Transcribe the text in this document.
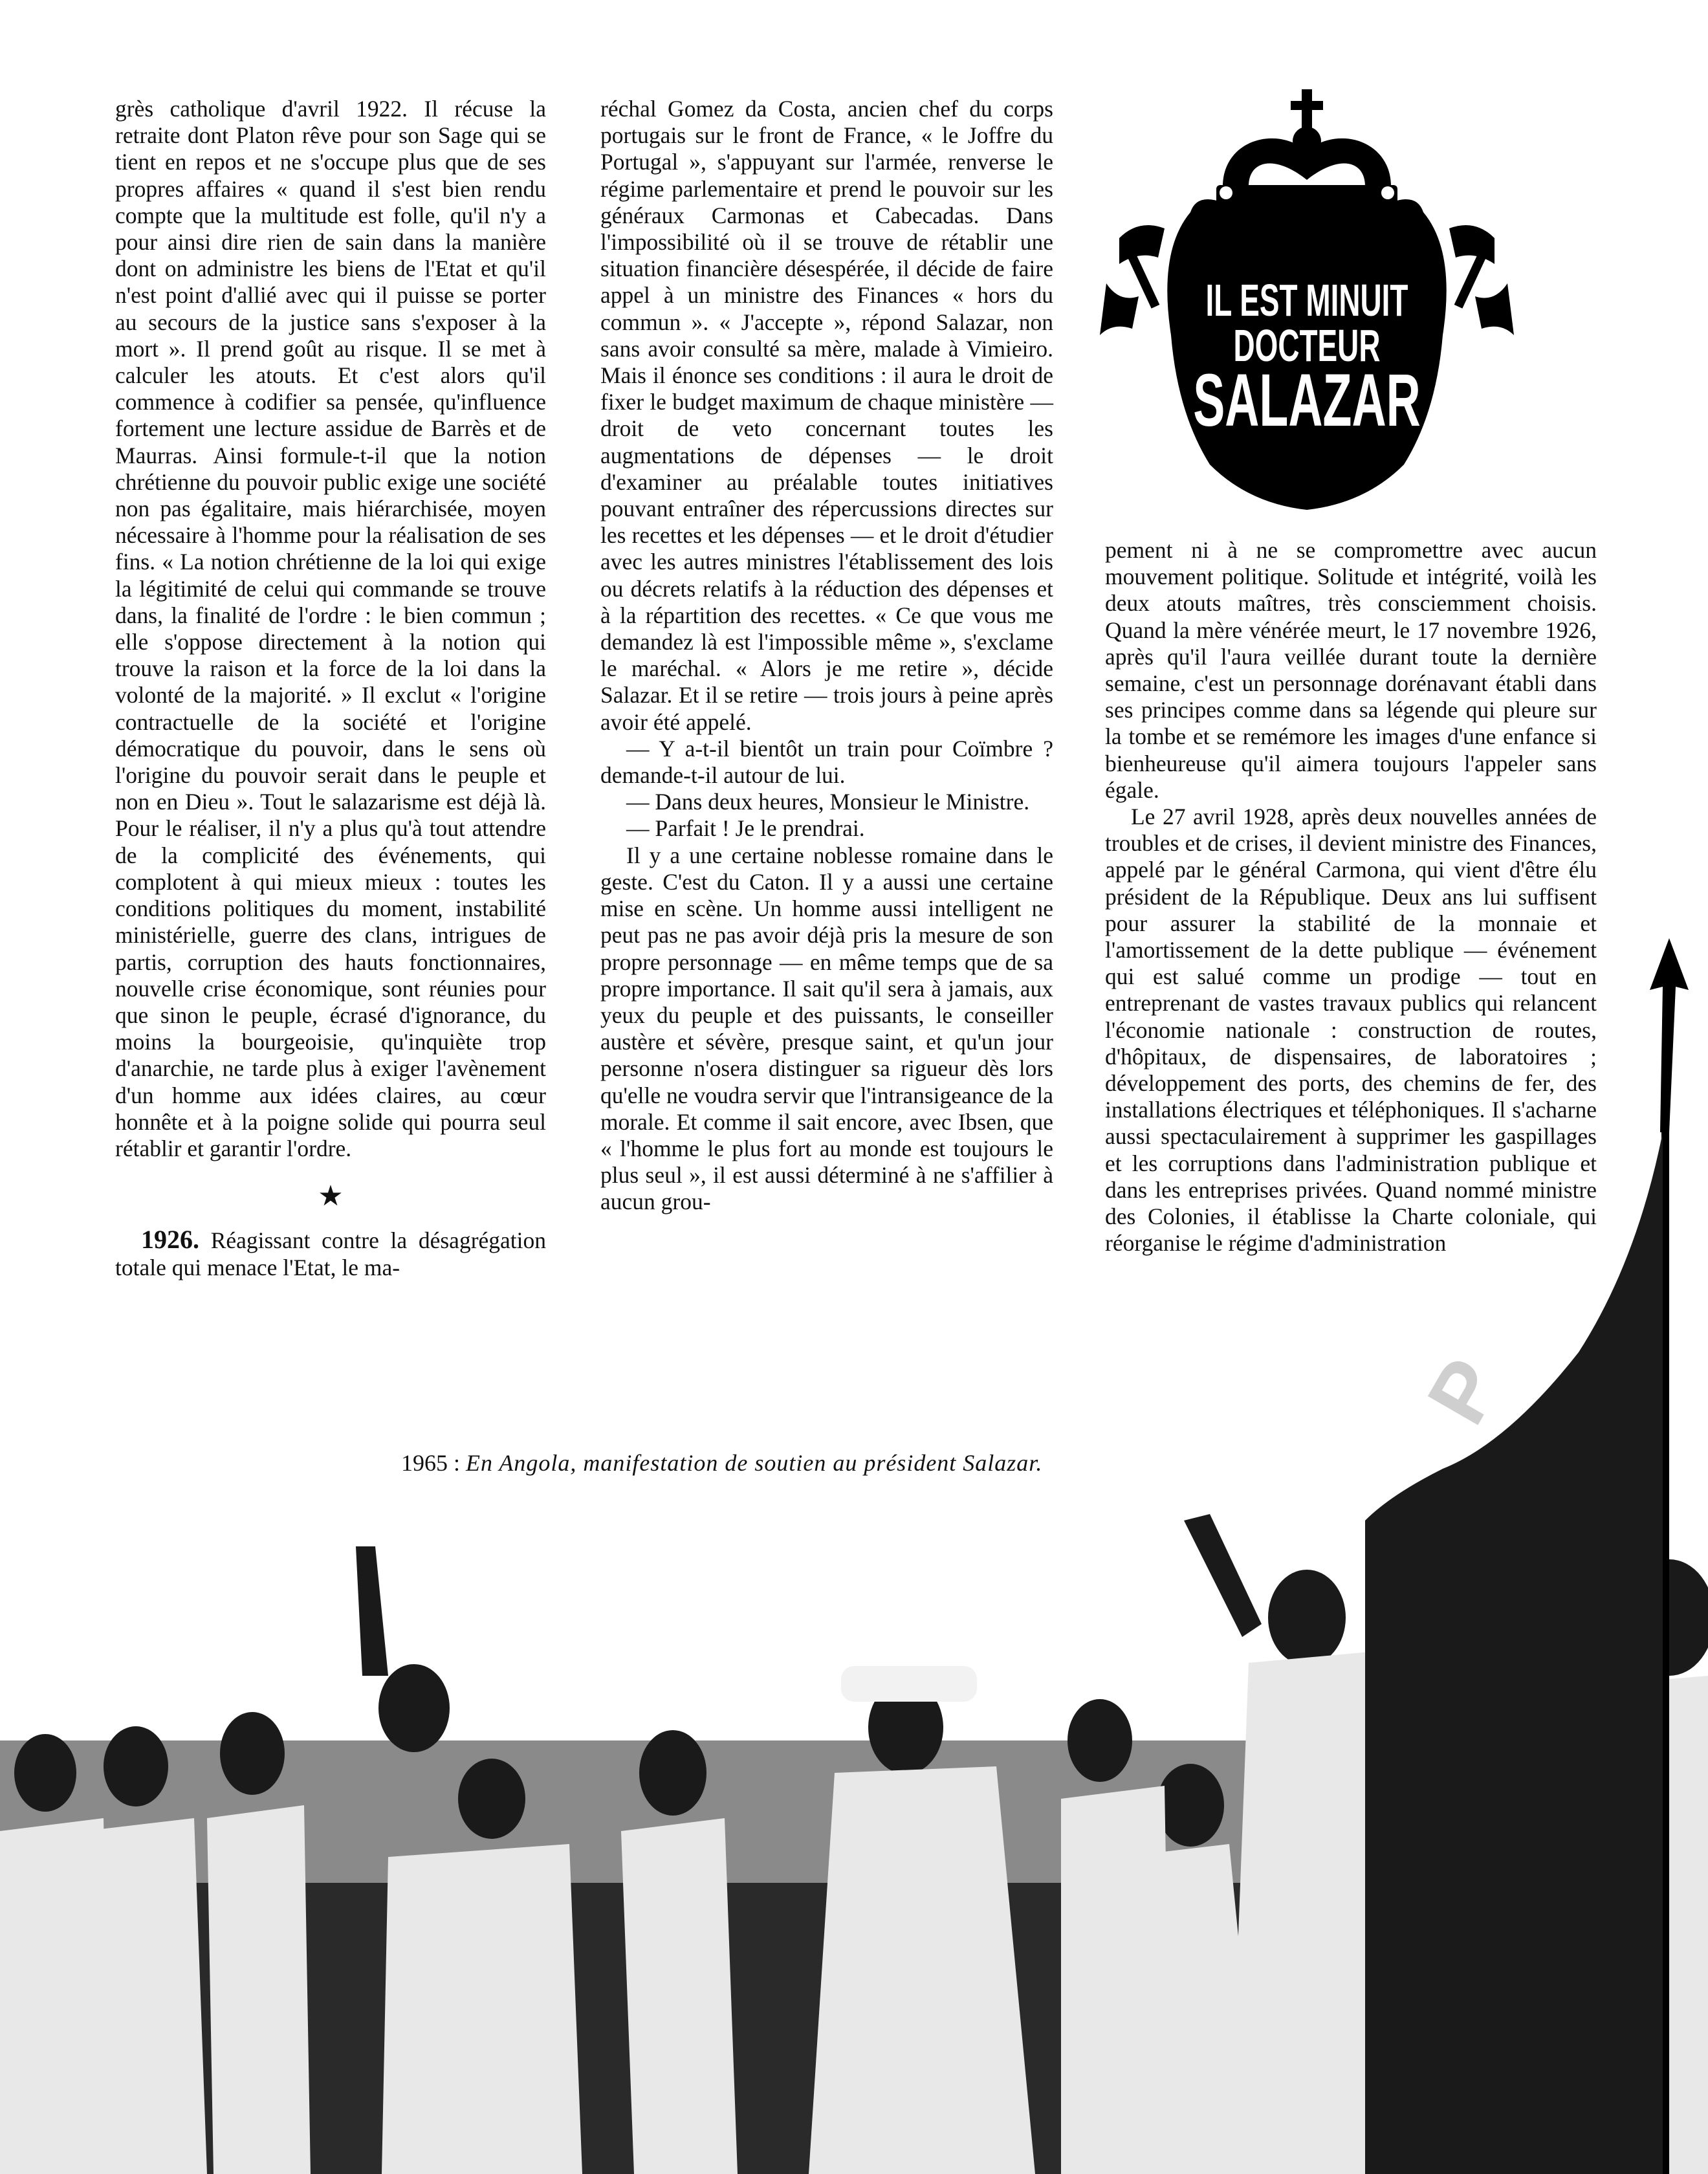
IL EST MINUIT
DOCTEUR
SALAZAR

grès catholique d'avril 1922. Il récuse la retraite dont Platon rêve pour son Sage qui se tient en repos et ne s'occupe plus que de ses propres affaires « quand il s'est bien rendu compte que la multitude est folle, qu'il n'y a pour ainsi dire rien de sain dans la manière dont on administre les biens de l'Etat et qu'il n'est point d'allié avec qui il puisse se porter au secours de la justice sans s'exposer à la mort ». Il prend goût au risque. Il se met à calculer les atouts. Et c'est alors qu'il commence à codifier sa pensée, qu'influence fortement une lecture assidue de Barrès et de Maurras. Ainsi formule-t-il que la notion chrétienne du pouvoir public exige une société non pas égalitaire, mais hiérarchisée, moyen nécessaire à l'homme pour la réalisation de ses fins. « La notion chrétienne de la loi qui exige la légitimité de celui qui commande se trouve dans, la finalité de l'ordre : le bien commun ; elle s'oppose directement à la notion qui trouve la raison et la force de la loi dans la volonté de la majorité. » Il exclut « l'origine contractuelle de la société et l'origine démocratique du pouvoir, dans le sens où l'origine du pouvoir serait dans le peuple et non en Dieu ». Tout le salazarisme est déjà là. Pour le réaliser, il n'y a plus qu'à tout attendre de la complicité des événements, qui complotent à qui mieux mieux : toutes les conditions politiques du moment, instabilité ministérielle, guerre des clans, intrigues de partis, corruption des hauts fonctionnaires, nouvelle crise économique, sont réunies pour que sinon le peuple, écrasé d'ignorance, du moins la bourgeoisie, qu'inquiète trop d'anarchie, ne tarde plus à exiger l'avènement d'un homme aux idées claires, au cœur honnête et à la poigne solide qui pourra seul rétablir et garantir l'ordre.

★

1926. Réagissant contre la désagrégation totale qui menace l'Etat, le ma-

réchal Gomez da Costa, ancien chef du corps portugais sur le front de France, « le Joffre du Portugal », s'appuyant sur l'armée, renverse le régime parlementaire et prend le pouvoir sur les généraux Carmonas et Cabecadas. Dans l'impossibilité où il se trouve de rétablir une situation financière désespérée, il décide de faire appel à un ministre des Finances « hors du commun ». « J'accepte », répond Salazar, non sans avoir consulté sa mère, malade à Vimieiro. Mais il énonce ses conditions : il aura le droit de fixer le budget maximum de chaque ministère — droit de veto concernant toutes les augmentations de dépenses — le droit d'examiner au préalable toutes initiatives pouvant entraîner des répercussions directes sur les recettes et les dépenses — et le droit d'étudier avec les autres ministres l'établissement des lois ou décrets relatifs à la réduction des dépenses et à la répartition des recettes. « Ce que vous me demandez là est l'impossible même », s'exclame le maréchal. « Alors je me retire », décide Salazar. Et il se retire — trois jours à peine après avoir été appelé.

— Y a-t-il bientôt un train pour Coïmbre ? demande-t-il autour de lui.

— Dans deux heures, Monsieur le Ministre.

— Parfait ! Je le prendrai.

Il y a une certaine noblesse romaine dans le geste. C'est du Caton. Il y a aussi une certaine mise en scène. Un homme aussi intelligent ne peut pas ne pas avoir déjà pris la mesure de son propre personnage — en même temps que de sa propre importance. Il sait qu'il sera à jamais, aux yeux du peuple et des puissants, le conseiller austère et sévère, presque saint, et qu'un jour personne n'osera distinguer sa rigueur dès lors qu'elle ne voudra servir que l'intransigeance de la morale. Et comme il sait encore, avec Ibsen, que « l'homme le plus fort au monde est toujours le plus seul », il est aussi déterminé à ne s'affilier à aucun grou-

pement ni à ne se compromettre avec aucun mouvement politique. Solitude et intégrité, voilà les deux atouts maîtres, très consciemment choisis. Quand la mère vénérée meurt, le 17 novembre 1926, après qu'il l'aura veillée durant toute la dernière semaine, c'est un personnage dorénavant établi dans ses principes comme dans sa légende qui pleure sur la tombe et se remémore les images d'une enfance si bienheureuse qu'il aimera toujours l'appeler sans égale.

Le 27 avril 1928, après deux nouvelles années de troubles et de crises, il devient ministre des Finances, appelé par le général Carmona, qui vient d'être élu président de la République. Deux ans lui suffisent pour assurer la stabilité de la monnaie et l'amortissement de la dette publique — événement qui est salué comme un prodige — tout en entreprenant de vastes travaux publics qui relancent l'économie nationale : construction de routes, d'hôpitaux, de dispensaires, de laboratoires ; développement des ports, des chemins de fer, des installations électriques et téléphoniques. Il s'acharne aussi spectaculairement à supprimer les gaspillages et les corruptions dans l'administration publique et dans les entreprises privées. Quand nommé ministre des Colonies, il établisse la Charte coloniale, qui réorganise le régime d'administration

1965 : En Angola, manifestation de soutien au président Salazar.
P
